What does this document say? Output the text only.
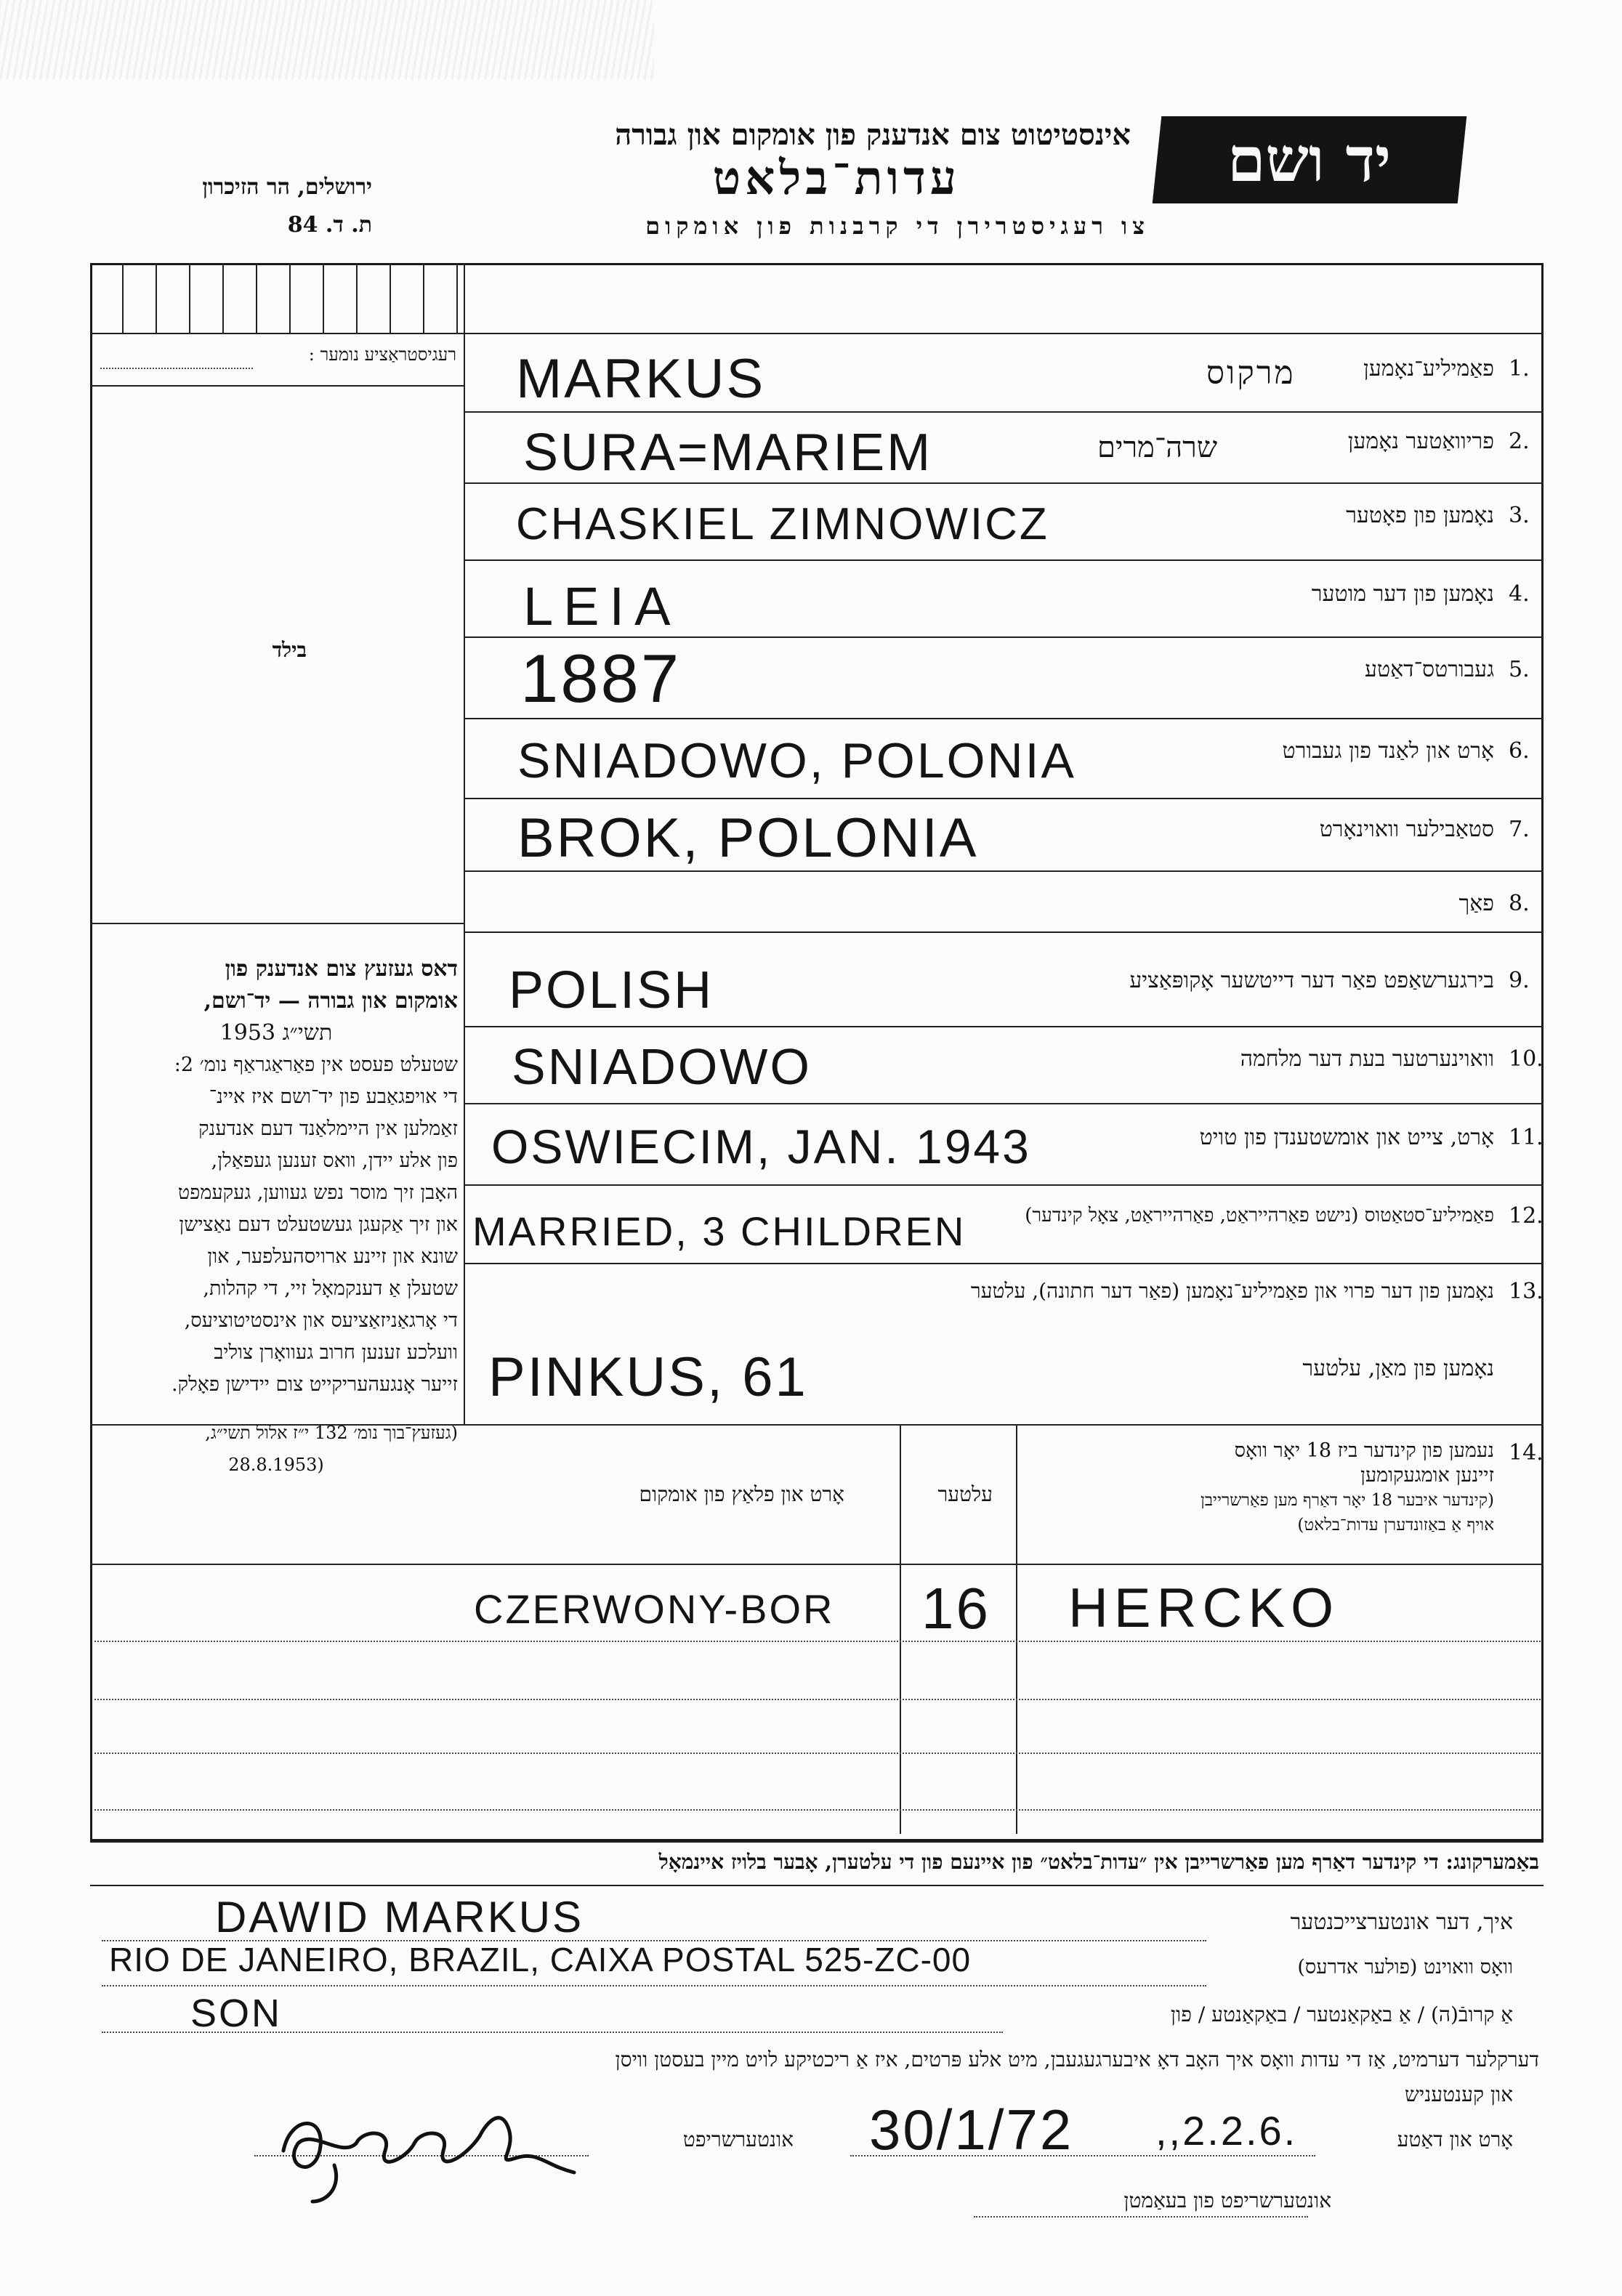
יד ושם
אינסטיטוט צום אנדענק פון אומקום און גבורה
עדות־בלאט
צו רעגיסטרירן די קרבנות פון אומקום
ירושלים, הר הזיכרון
ת. ד. 84
רעגיסטראַציע נומער :
בילד
דאס געזעץ צום אנדענק פון
אומקום און גבורה — יד־ושם,
תשי״ג 1953
שטעלט פעסט אין פאַראַגראַף נומ׳ 2:
די אויפגאַבע פון יד־ושם איז איינ־
זאַמלען אין היימלאַנד דעם אנדענק
פון אלע יידן, וואס זענען געפאַלן,
האָבן זיך מוסר נפש געווען, געקעמפט
און זיך אַקעגן געשטעלט דעם נאַצישן
שונא און זיינע ארויסהעלפער, און
שטעלן אַ דענקמאָל זיי, די קהלות,
די אָרגאַניזאַציעס און אינסטיטוציעס,
וועלכע זענען חרוב געוואָרן צוליב
זייער אָנגעהעריקייט צום יידישן פאָלק.
(געזעץ־בוך נומ׳ 132 י״ז אלול תשי״ג,
(28.8.1953
1.
פאַמיליע־נאָמען
MARKUS	מרקוס
2.
פריוואַטער נאָמען
SURA=MARIEM	שרה־מרים
3.
נאָמען פון פאָטער
CHASKIEL ZIMNOWICZ
4.
נאָמען פון דער מוטער
LEIA
5.
געבורטס־דאַטע
1887
6.
אָרט און לאַנד פון געבורט
SNIADOWO, POLONIA
7.
סטאַבילער וואוינאָרט
BROK, POLONIA
8.
פאַך
9.
בירגערשאַפט פאַר דער דייטשער אָקופּאַציע
POLISH
10.
וואוינערטער בעת דער מלחמה
SNIADOWO
11.
אָרט, צייט און אומשטענדן פון טויט
OSWIECIM, JAN. 1943
12.
פאַמיליע־סטאַטוס (נישט פאַרהייראַט, פאַרהייראַט, צאָל קינדער)
MARRIED, 3 CHILDREN
13.
נאָמען פון דער פרוי און פאַמיליע־נאָמען (פאַר דער חתונה), עלטער
נאָמען פון מאַן, עלטער
PINKUS, 61
14.
נעמען פון קינדער ביז 18 יאָר וואָס
זיינען אומגעקומען
(קינדער איבער 18 יאָר דאַרף מען פאַרשרייבן
אויף אַ באַזונדערן עדות־בלאט)
עלטער
אָרט און פלאַץ פון אומקום
HERCKO
16
CZERWONY-BOR
באַמערקונג: די קינדער דאַרף מען פאַרשרייבן אין ״עדות־בלאט״ פון איינעם פון די עלטערן, אָבער בלויז איינמאָל
איך, דער אונטערצייכנטער
DAWID MARKUS
וואָס וואוינט (פולער אדרעס)
RIO DE JANEIRO, BRAZIL, CAIXA POSTAL 525-ZC-00
אַ קרובֿ(ה) / אַ באַקאַנטער / באַקאַנטע / פון
SON
דערקלער דערמיט, אַז די עדות וואָס איך האָב דאָ איבערגעגעבן, מיט אלע פּרטים, איז אַ ריכטיקע לויט מיין בעסטן וויסן
און קענטעניש
אָרט און דאַטע
30/1/72 ,,2.2.6.
אונטערשריפט
אונטערשריפט פון בעאַמטן
